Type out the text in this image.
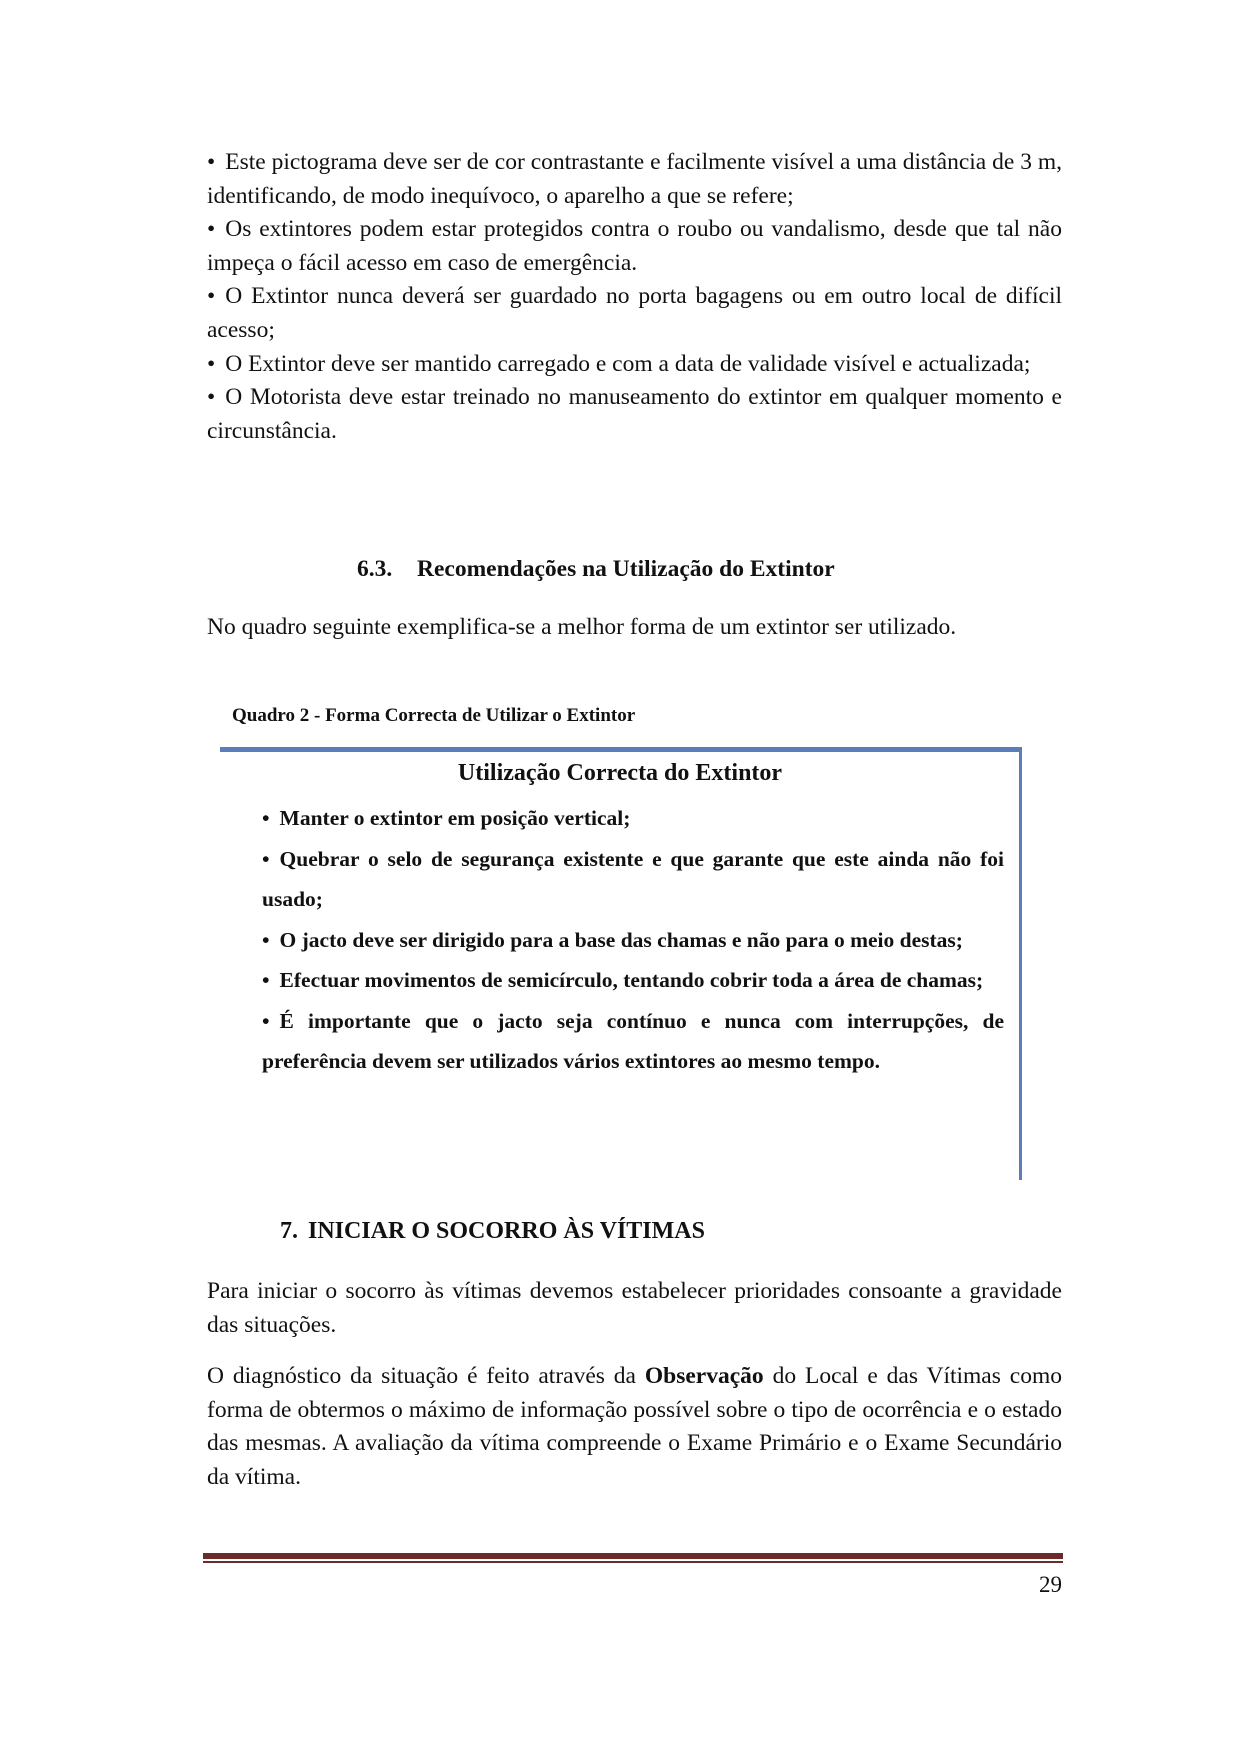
• Este pictograma deve ser de cor contrastante e facilmente visível a uma distância de 3 m, identificando, de modo inequívoco, o aparelho a que se refere;

• Os extintores podem estar protegidos contra o roubo ou vandalismo, desde que tal não impeça o fácil acesso em caso de emergência.

• O Extintor nunca deverá ser guardado no porta bagagens ou em outro local de difícil acesso;

• O Extintor deve ser mantido carregado e com a data de validade visível e actualizada;

• O Motorista deve estar treinado no manuseamento do extintor em qualquer momento e circunstância.

6.3. Recomendações na Utilização do Extintor
No quadro seguinte exemplifica-se a melhor forma de um extintor ser utilizado.
Quadro 2 - Forma Correcta de Utilizar o Extintor
Utilização Correcta do Extintor

• Manter o extintor em posição vertical;

• Quebrar o selo de segurança existente e que garante que este ainda não foi usado;

• O jacto deve ser dirigido para a base das chamas e não para o meio destas;

• Efectuar movimentos de semicírculo, tentando cobrir toda a área de chamas;

• É importante que o jacto seja contínuo e nunca com interrupções, de preferência devem ser utilizados vários extintores ao mesmo tempo.

7. INICIAR O SOCORRO ÀS VÍTIMAS

Para iniciar o socorro às vítimas devemos estabelecer prioridades consoante a gravidade das situações.

O diagnóstico da situação é feito através da Observação do Local e das Vítimas como forma de obtermos o máximo de informação possível sobre o tipo de ocorrência e o estado das mesmas. A avaliação da vítima compreende o Exame Primário e o Exame Secundário da vítima.

29
